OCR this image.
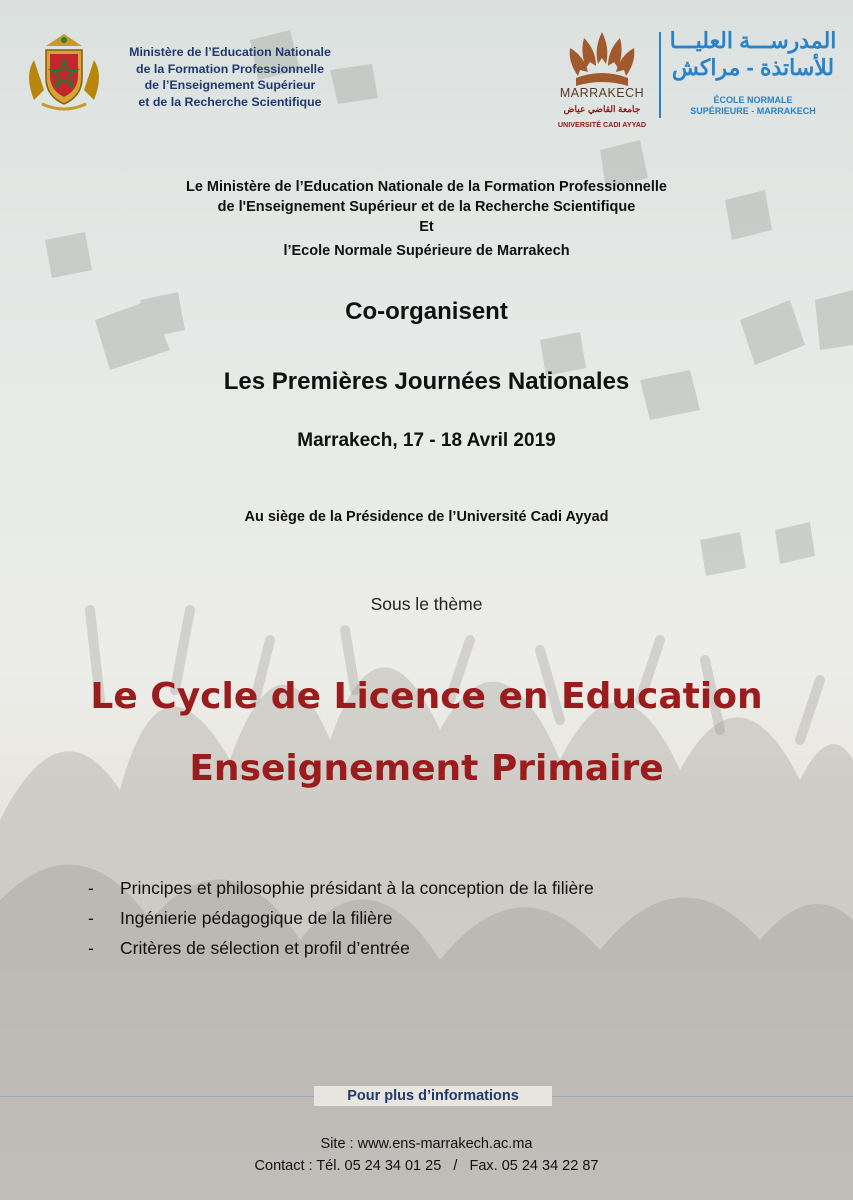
Ministère de l’Education Nationale
de la Formation Professionnelle
de l’Enseignement Supérieur
et de la Recherche Scientifique
MARRAKECH
جامعة القاضي عياض
UNIVERSITÉ CADI AYYAD
المدرســـة العليـــا
للأساتذة - مراكش
ÉCOLE NORMALE
SUPÉRIEURE - MARRAKECH
Le Ministère de l’Education Nationale de la Formation Professionnelle
de l'Enseignement Supérieur et de la Recherche Scientifique
Et
l’Ecole Normale Supérieure de Marrakech
Co-organisent
Les Premières Journées Nationales
Marrakech, 17 - 18 Avril 2019
Au siège de la Présidence de l’Université Cadi Ayyad
Sous le thème
Le Cycle de Licence en Education
Enseignement Primaire
- Principes et philosophie présidant à la conception de la filière
- Ingénierie pédagogique de la filière
- Critères de sélection et profil d’entrée
Pour plus d’informations
Site : www.ens-marrakech.ac.ma
Contact : Tél. 05 24 34 01 25   /   Fax. 05 24 34 22 87
